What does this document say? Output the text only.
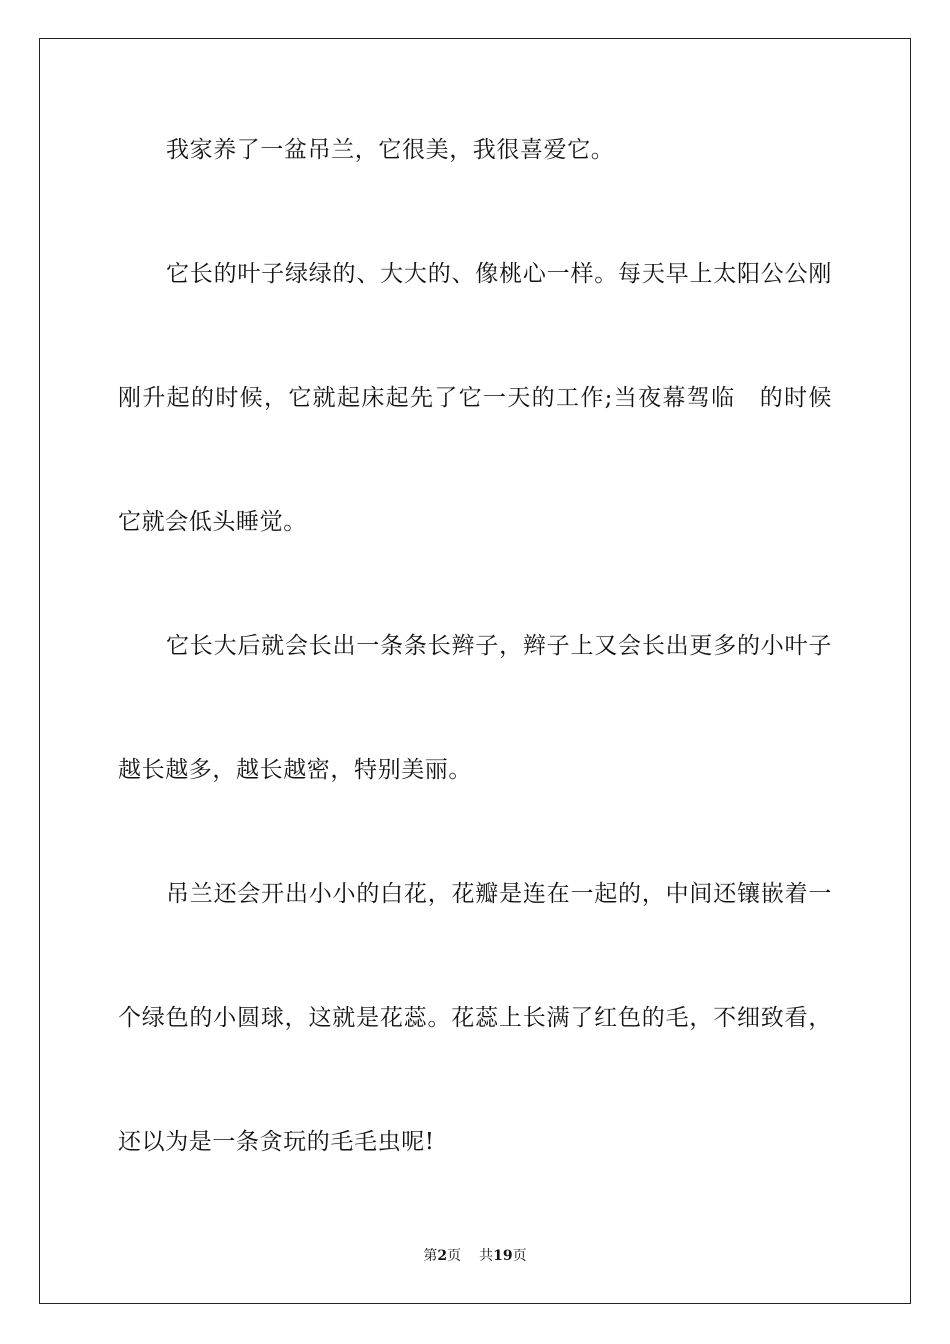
我家养了一盆吊兰，它很美，我很喜爱它。
它长的叶子绿绿的、大大的、像桃心一样。每天早上太阳公公刚
刚升起的时候，它就起床起先了它一天的工作;当夜幕驾临　的时候
它就会低头睡觉。
它长大后就会长出一条条长辫子，辫子上又会长出更多的小叶子
越长越多，越长越密，特别美丽。
吊兰还会开出小小的白花，花瓣是连在一起的，中间还镶嵌着一
个绿色的小圆球，这就是花蕊。花蕊上长满了红色的毛，不细致看，
还以为是一条贪玩的毛毛虫呢!
第2页 共19页
